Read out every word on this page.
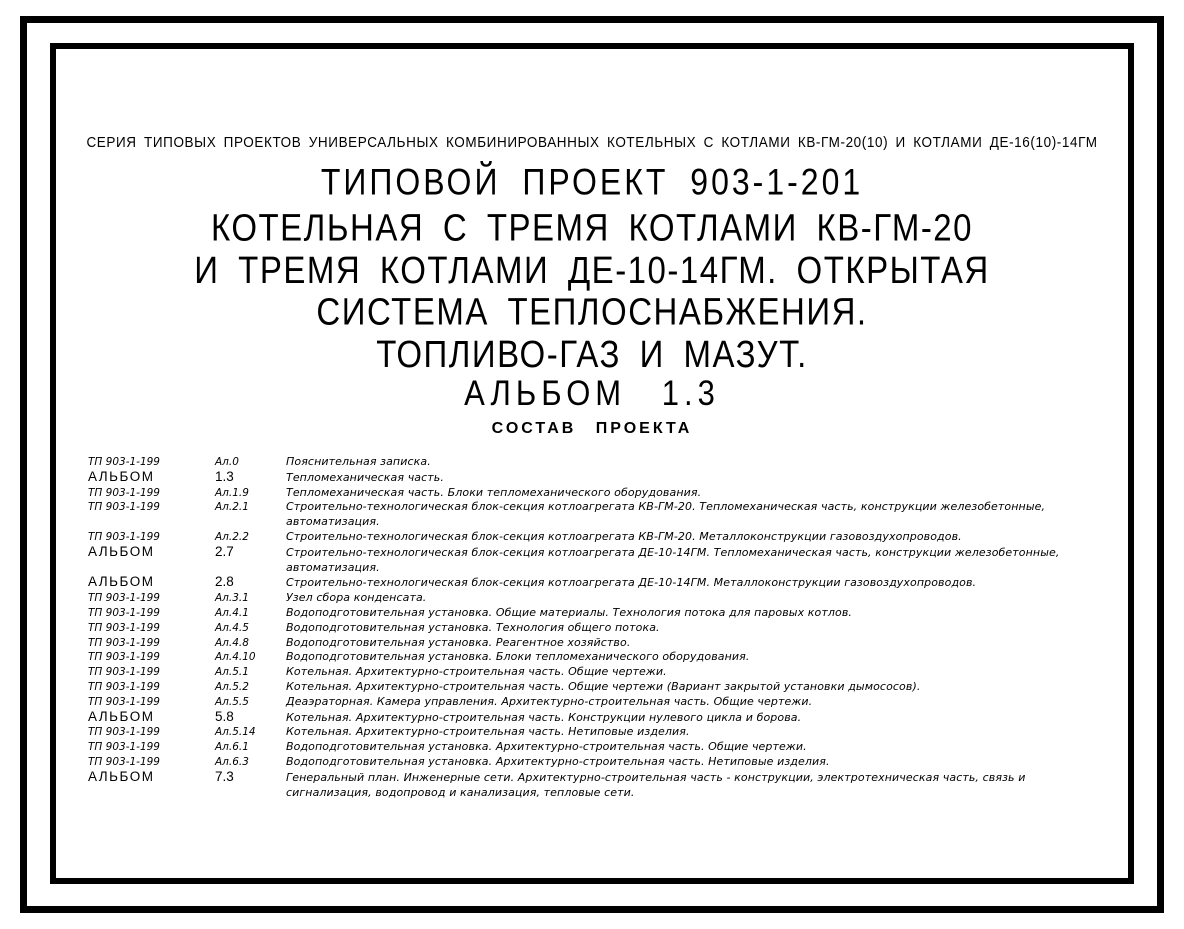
СЕРИЯ ТИПОВЫХ ПРОЕКТОВ УНИВЕРСАЛЬНЫХ КОМБИНИРОВАННЫХ КОТЕЛЬНЫХ С КОТЛАМИ КВ-ГМ-20(10) И КОТЛАМИ ДЕ-16(10)-14ГМ
ТИПОВОЙ ПРОЕКТ 903-1-201
КОТЕЛЬНАЯ С ТРЕМЯ КОТЛАМИ КВ-ГМ-20
И ТРЕМЯ КОТЛАМИ ДЕ-10-14ГМ. ОТКРЫТАЯ
СИСТЕМА ТЕПЛОСНАБЖЕНИЯ.
ТОПЛИВО-ГАЗ И МАЗУТ.
АЛЬБОМ 1.3
СОСТАВ ПРОЕКТА
ТП 903-1-199	Ал.0	Пояснительная записка.
АЛЬБОМ	1.3	Тепломеханическая часть.
ТП 903-1-199	Ал.1.9	Тепломеханическая часть. Блоки тепломеханического оборудования.
ТП 903-1-199	Ал.2.1	Строительно-технологическая блок-секция котлоагрегата КВ-ГМ-20. Тепломеханическая часть, конструкции железобетонные, автоматизация.
ТП 903-1-199	Ал.2.2	Строительно-технологическая блок-секция котлоагрегата КВ-ГМ-20. Металлоконструкции газовоздухопроводов.
АЛЬБОМ	2.7	Строительно-технологическая блок-секция котлоагрегата ДЕ-10-14ГМ. Тепломеханическая часть, конструкции железобетонные, автоматизация.
АЛЬБОМ	2.8	Строительно-технологическая блок-секция котлоагрегата ДЕ-10-14ГМ. Металлоконструкции газовоздухопроводов.
ТП 903-1-199	Ал.3.1	Узел сбора конденсата.
ТП 903-1-199	Ал.4.1	Водоподготовительная установка. Общие материалы. Технология потока для паровых котлов.
ТП 903-1-199	Ал.4.5	Водоподготовительная установка. Технология общего потока.
ТП 903-1-199	Ал.4.8	Водоподготовительная установка. Реагентное хозяйство.
ТП 903-1-199	Ал.4.10	Водоподготовительная установка. Блоки тепломеханического оборудования.
ТП 903-1-199	Ал.5.1	Котельная. Архитектурно-строительная часть. Общие чертежи.
ТП 903-1-199	Ал.5.2	Котельная. Архитектурно-строительная часть. Общие чертежи (Вариант закрытой установки дымососов).
ТП 903-1-199	Ал.5.5	Деаэраторная. Камера управления. Архитектурно-строительная часть. Общие чертежи.
АЛЬБОМ	5.8	Котельная. Архитектурно-строительная часть. Конструкции нулевого цикла и борова.
ТП 903-1-199	Ал.5.14	Котельная. Архитектурно-строительная часть. Нетиповые изделия.
ТП 903-1-199	Ал.6.1	Водоподготовительная установка. Архитектурно-строительная часть. Общие чертежи.
ТП 903-1-199	Ал.6.3	Водоподготовительная установка. Архитектурно-строительная часть. Нетиповые изделия.
АЛЬБОМ	7.3	Генеральный план. Инженерные сети. Архитектурно-строительная часть - конструкции, электротехническая часть, связь и сигнализация, водопровод и канализация, тепловые сети.
